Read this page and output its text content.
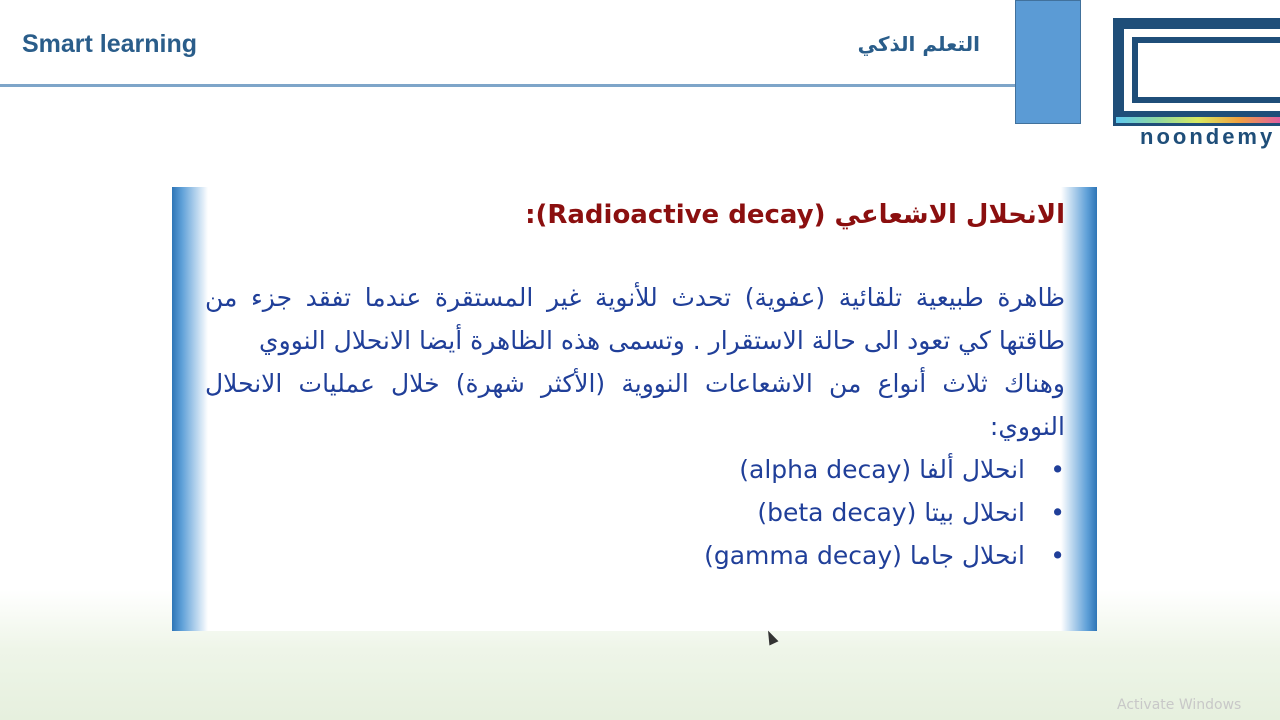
Smart learning	التعلم الذكي
noondemy

الانحلال الاشعاعي (Radioactive decay):

ظاهرة طبيعية تلقائية (عفوية) تحدث للأنوية غير المستقرة عندما تفقد جزء من طاقتها كي تعود الى حالة الاستقرار . وتسمى هذه الظاهرة أيضا الانحلال النووي

وهناك ثلاث أنواع من الاشعاعات النووية (الأكثر شهرة) خلال عمليات الانحلال النووي:

•
انحلال ألفا (alpha decay)
•
انحلال بيتا (beta decay)
•
انحلال جاما (gamma decay)
Activate Windows
